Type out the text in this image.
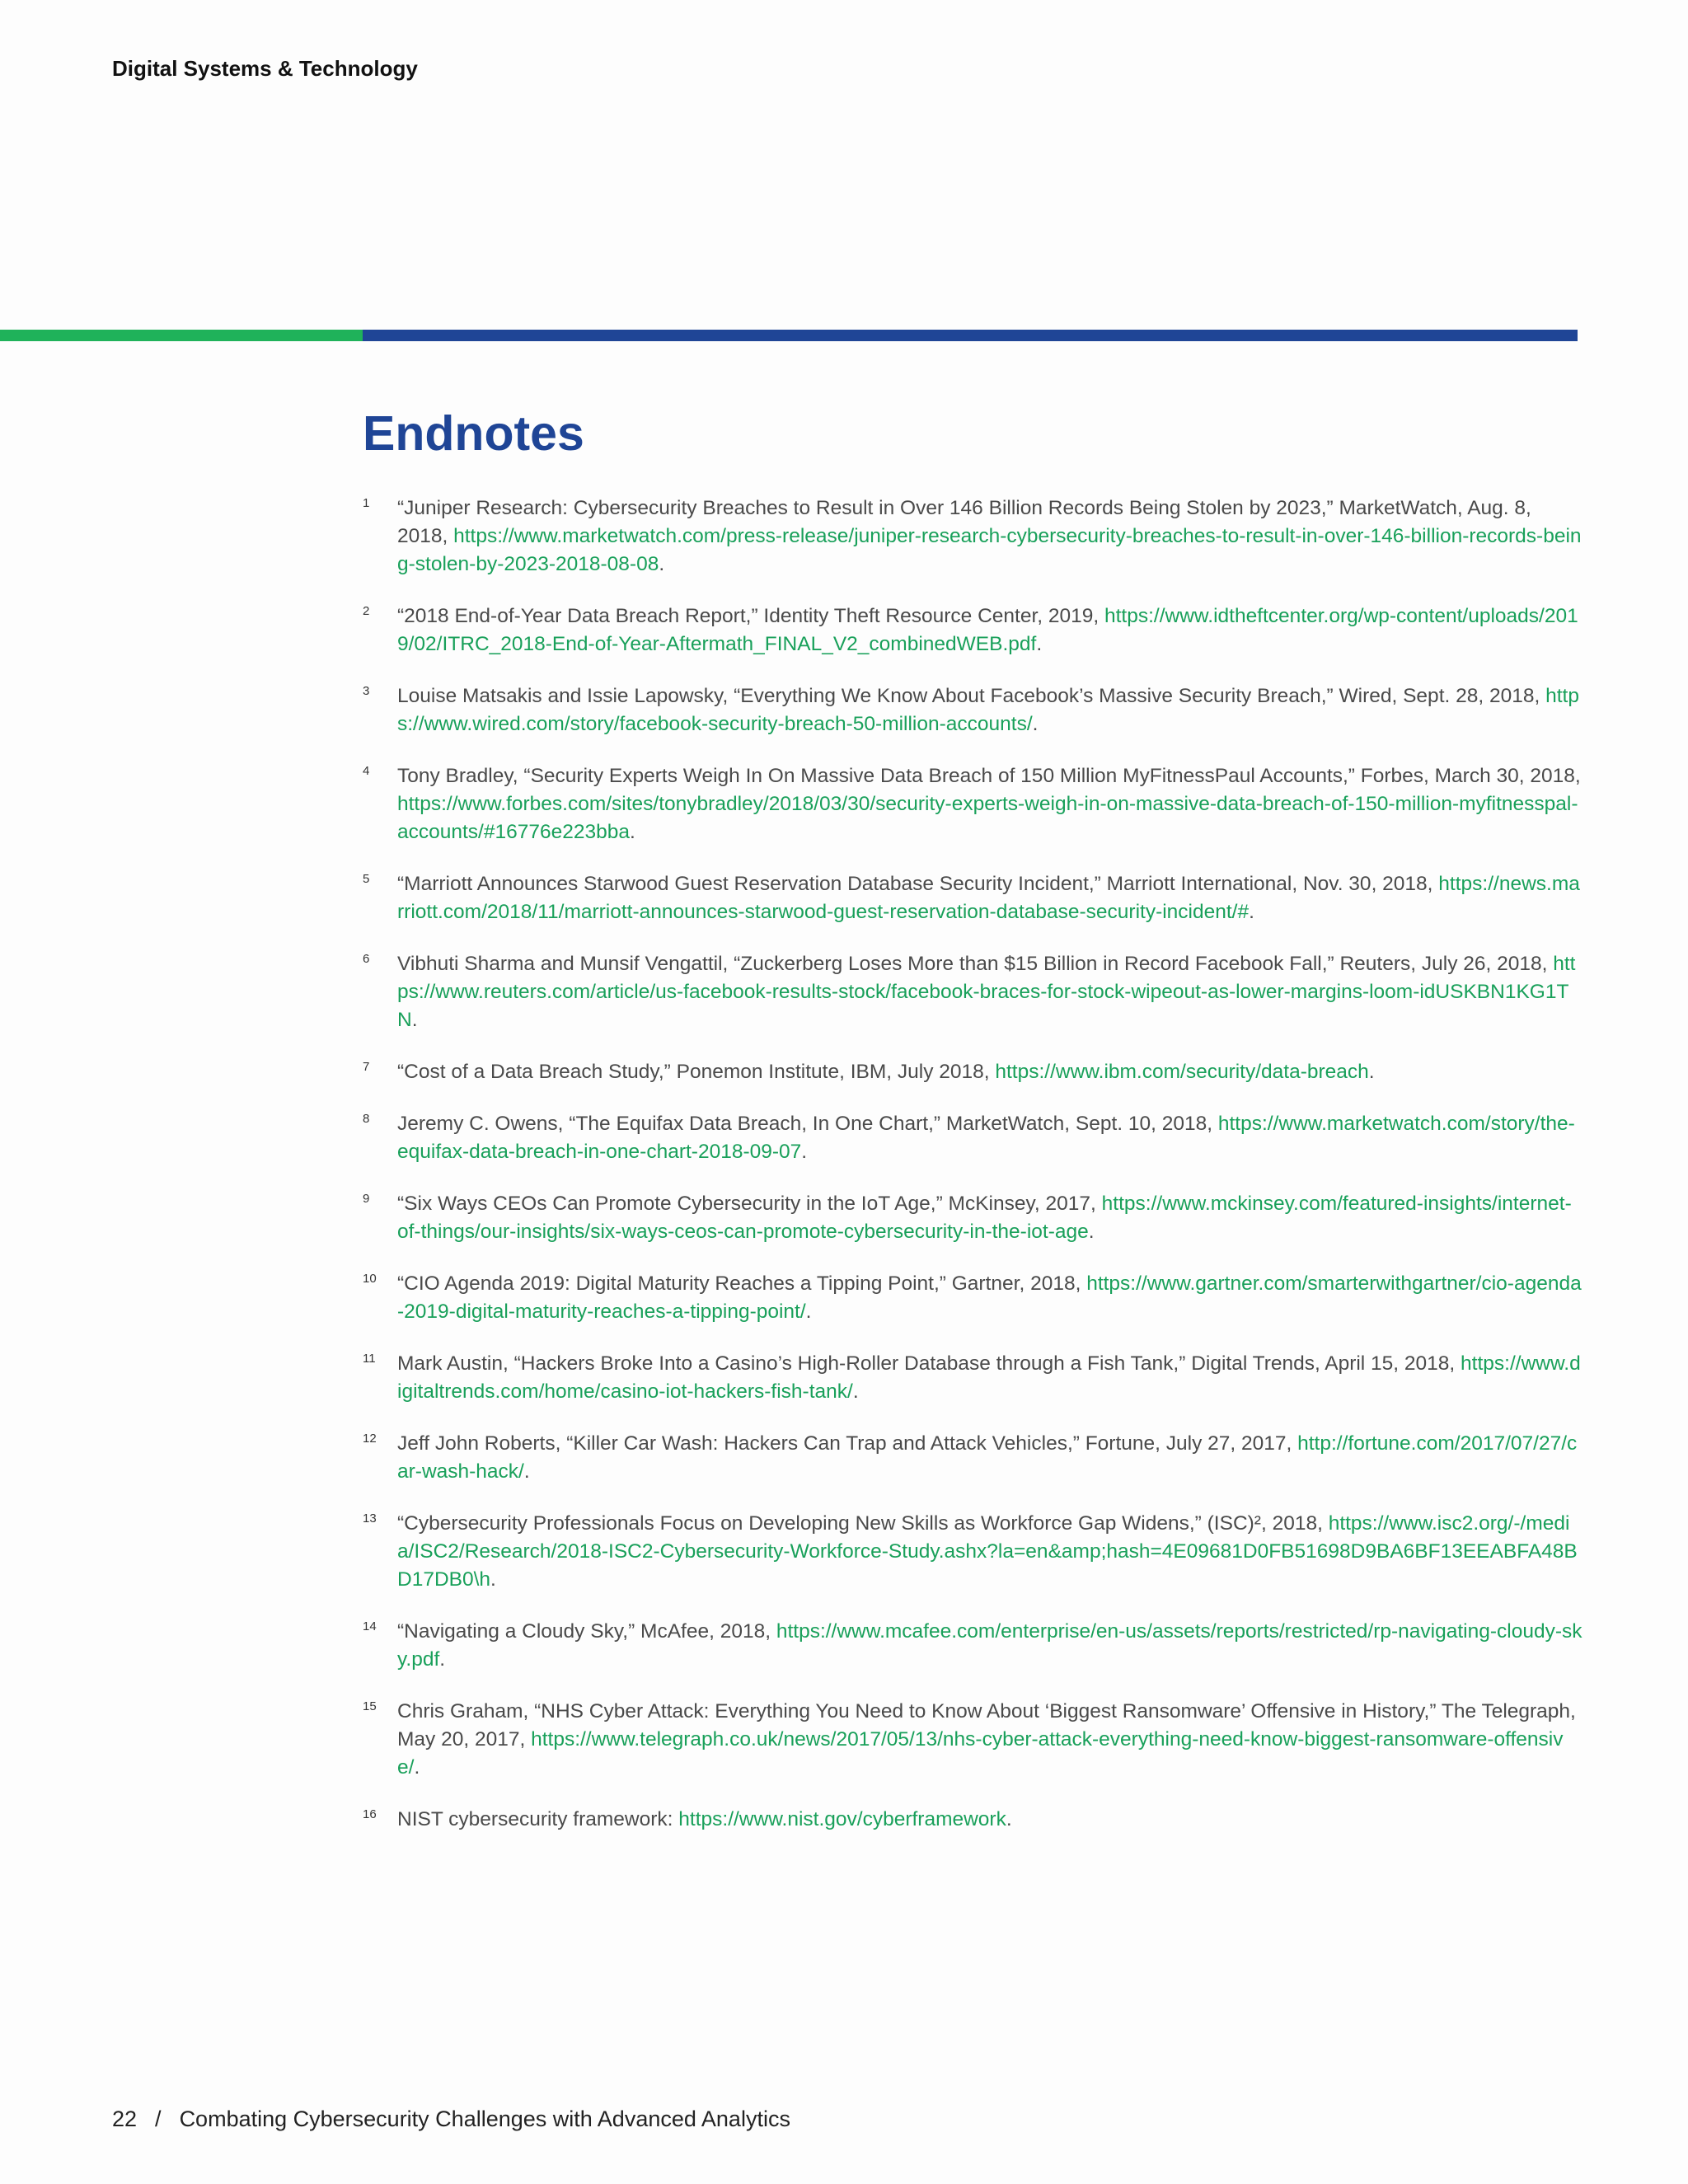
Digital Systems & Technology
Endnotes
1 “Juniper Research: Cybersecurity Breaches to Result in Over 146 Billion Records Being Stolen by 2023,” MarketWatch, Aug. 8, 2018, https://www.marketwatch.com/press-release/juniper-research-cybersecurity-breaches-to-result-in-over-146-billion-records-being-stolen-by-2023-2018-08-08.
2 “2018 End-of-Year Data Breach Report,” Identity Theft Resource Center, 2019, https://www.idtheftcenter.org/wp-content/uploads/2019/02/ITRC_2018-End-of-Year-Aftermath_FINAL_V2_combinedWEB.pdf.
3 Louise Matsakis and Issie Lapowsky, “Everything We Know About Facebook’s Massive Security Breach,” Wired, Sept. 28, 2018, https://www.wired.com/story/facebook-security-breach-50-million-accounts/.
4 Tony Bradley, “Security Experts Weigh In On Massive Data Breach of 150 Million MyFitnessPaul Accounts,” Forbes, March 30, 2018, https://www.forbes.com/sites/tonybradley/2018/03/30/security-experts-weigh-in-on-massive-data-breach-of-150-million-myfitnesspal-accounts/#16776e223bba.
5 “Marriott Announces Starwood Guest Reservation Database Security Incident,” Marriott International, Nov. 30, 2018, https://news.marriott.com/2018/11/marriott-announces-starwood-guest-reservation-database-security-incident/#.
6 Vibhuti Sharma and Munsif Vengattil, “Zuckerberg Loses More than $15 Billion in Record Facebook Fall,” Reuters, July 26, 2018, https://www.reuters.com/article/us-facebook-results-stock/facebook-braces-for-stock-wipeout-as-lower-margins-loom-idUSKBN1KG1TN.
7 “Cost of a Data Breach Study,” Ponemon Institute, IBM, July 2018, https://www.ibm.com/security/data-breach.
8 Jeremy C. Owens, “The Equifax Data Breach, In One Chart,” MarketWatch, Sept. 10, 2018, https://www.marketwatch.com/story/the-equifax-data-breach-in-one-chart-2018-09-07.
9 “Six Ways CEOs Can Promote Cybersecurity in the IoT Age,” McKinsey, 2017, https://www.mckinsey.com/featured-insights/internet-of-things/our-insights/six-ways-ceos-can-promote-cybersecurity-in-the-iot-age.
10 “CIO Agenda 2019: Digital Maturity Reaches a Tipping Point,” Gartner, 2018, https://www.gartner.com/smarterwithgartner/cio-agenda-2019-digital-maturity-reaches-a-tipping-point/.
11 Mark Austin, “Hackers Broke Into a Casino’s High-Roller Database through a Fish Tank,” Digital Trends, April 15, 2018, https://www.digitaltrends.com/home/casino-iot-hackers-fish-tank/.
12 Jeff John Roberts, “Killer Car Wash: Hackers Can Trap and Attack Vehicles,” Fortune, July 27, 2017, http://fortune.com/2017/07/27/car-wash-hack/.
13 “Cybersecurity Professionals Focus on Developing New Skills as Workforce Gap Widens,” (ISC)², 2018, https://www.isc2.org/-/media/ISC2/Research/2018-ISC2-Cybersecurity-Workforce-Study.ashx?la=en&amp;hash=4E09681D0FB51698D9BA6BF13EEABFA48BD17DB0\h.
14 “Navigating a Cloudy Sky,” McAfee, 2018, https://www.mcafee.com/enterprise/en-us/assets/reports/restricted/rp-navigating-cloudy-sky.pdf.
15 Chris Graham, “NHS Cyber Attack: Everything You Need to Know About ‘Biggest Ransomware’ Offensive in History,” The Telegraph, May 20, 2017, https://www.telegraph.co.uk/news/2017/05/13/nhs-cyber-attack-everything-need-know-biggest-ransomware-offensive/.
16 NIST cybersecurity framework: https://www.nist.gov/cyberframework.
22 / Combating Cybersecurity Challenges with Advanced Analytics
